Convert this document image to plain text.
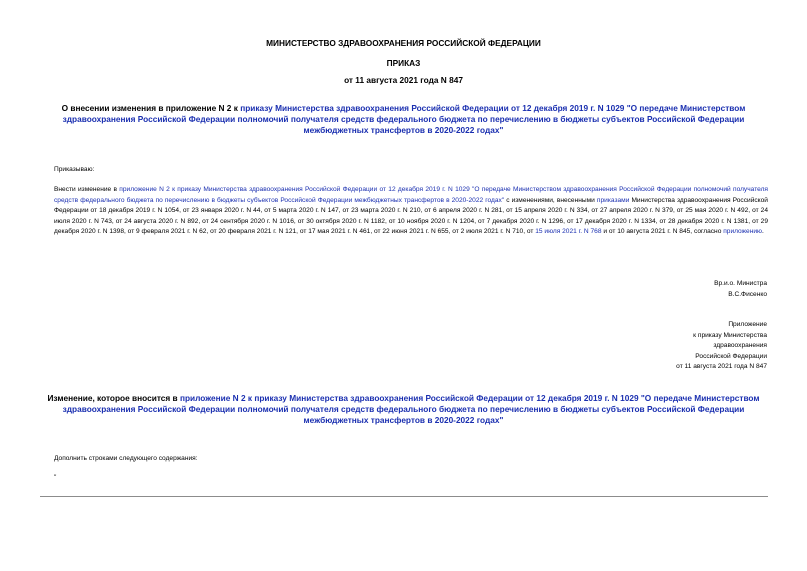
МИНИСТЕРСТВО ЗДРАВООХРАНЕНИЯ РОССИЙСКОЙ ФЕДЕРАЦИИ
ПРИКАЗ
от 11 августа 2021 года N 847
О внесении изменения в приложение N 2 к приказу Министерства здравоохранения Российской Федерации от 12 декабря 2019 г. N 1029 "О передаче Министерством здравоохранения Российской Федерации полномочий получателя средств федерального бюджета по перечислению в бюджеты субъектов Российской Федерации межбюджетных трансфертов в 2020-2022 годах"
Приказываю:
Внести изменение в приложение N 2 к приказу Министерства здравоохранения Российской Федерации от 12 декабря 2019 г. N 1029 "О передаче Министерством здравоохранения Российской Федерации полномочий получателя средств федерального бюджета по перечислению в бюджеты субъектов Российской Федерации межбюджетных трансфертов в 2020-2022 годах" с изменениями, внесенными приказами Министерства здравоохранения Российской Федерации от 18 декабря 2019 г. N 1054, от 23 января 2020 г. N 44, от 5 марта 2020 г. N 147, от 23 марта 2020 г. N 210, от 6 апреля 2020 г. N 281, от 15 апреля 2020 г. N 334, от 27 апреля 2020 г. N 379, от 25 мая 2020 г. N 492, от 24 июля 2020 г. N 743, от 24 августа 2020 г. N 892, от 24 сентября 2020 г. N 1016, от 30 октября 2020 г. N 1182, от 10 ноября 2020 г. N 1204, от 7 декабря 2020 г. N 1296, от 17 декабря 2020 г. N 1334, от 28 декабря 2020 г. N 1381, от 29 декабря 2020 г. N 1398, от 9 февраля 2021 г. N 62, от 20 февраля 2021 г. N 121, от 17 мая 2021 г. N 461, от 22 июня 2021 г. N 655, от 2 июля 2021 г. N 710, от 15 июля 2021 г. N 768 и от 10 августа 2021 г. N 845, согласно приложению.
Вр.и.о. Министра
В.С.Фисенко
Приложение
к приказу Министерства
здравоохранения
Российской Федерации
от 11 августа 2021 года N 847
Изменение, которое вносится в приложение N 2 к приказу Министерства здравоохранения Российской Федерации от 12 декабря 2019 г. N 1029 "О передаче Министерством здравоохранения Российской Федерации полномочий получателя средств федерального бюджета по перечислению в бюджеты субъектов Российской Федерации межбюджетных трансфертов в 2020-2022 годах"
Дополнить строками следующего содержания:
"
